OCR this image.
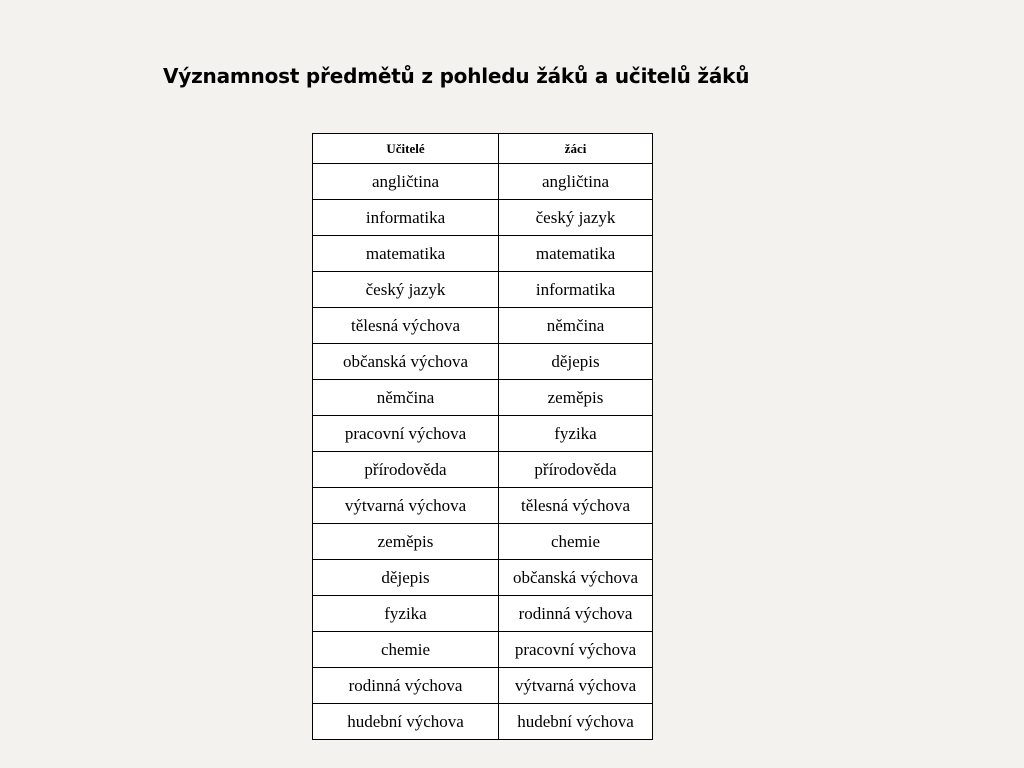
Významnost předmětů z pohledu žáků a učitelů žáků
Učitelé	žáci
angličtina	angličtina
informatika	český jazyk
matematika	matematika
český jazyk	informatika
tělesná výchova	němčina
občanská výchova	dějepis
němčina	zeměpis
pracovní výchova	fyzika
přírodověda	přírodověda
výtvarná výchova	tělesná výchova
zeměpis	chemie
dějepis	občanská výchova
fyzika	rodinná výchova
chemie	pracovní výchova
rodinná výchova	výtvarná výchova
hudební výchova	hudební výchova
